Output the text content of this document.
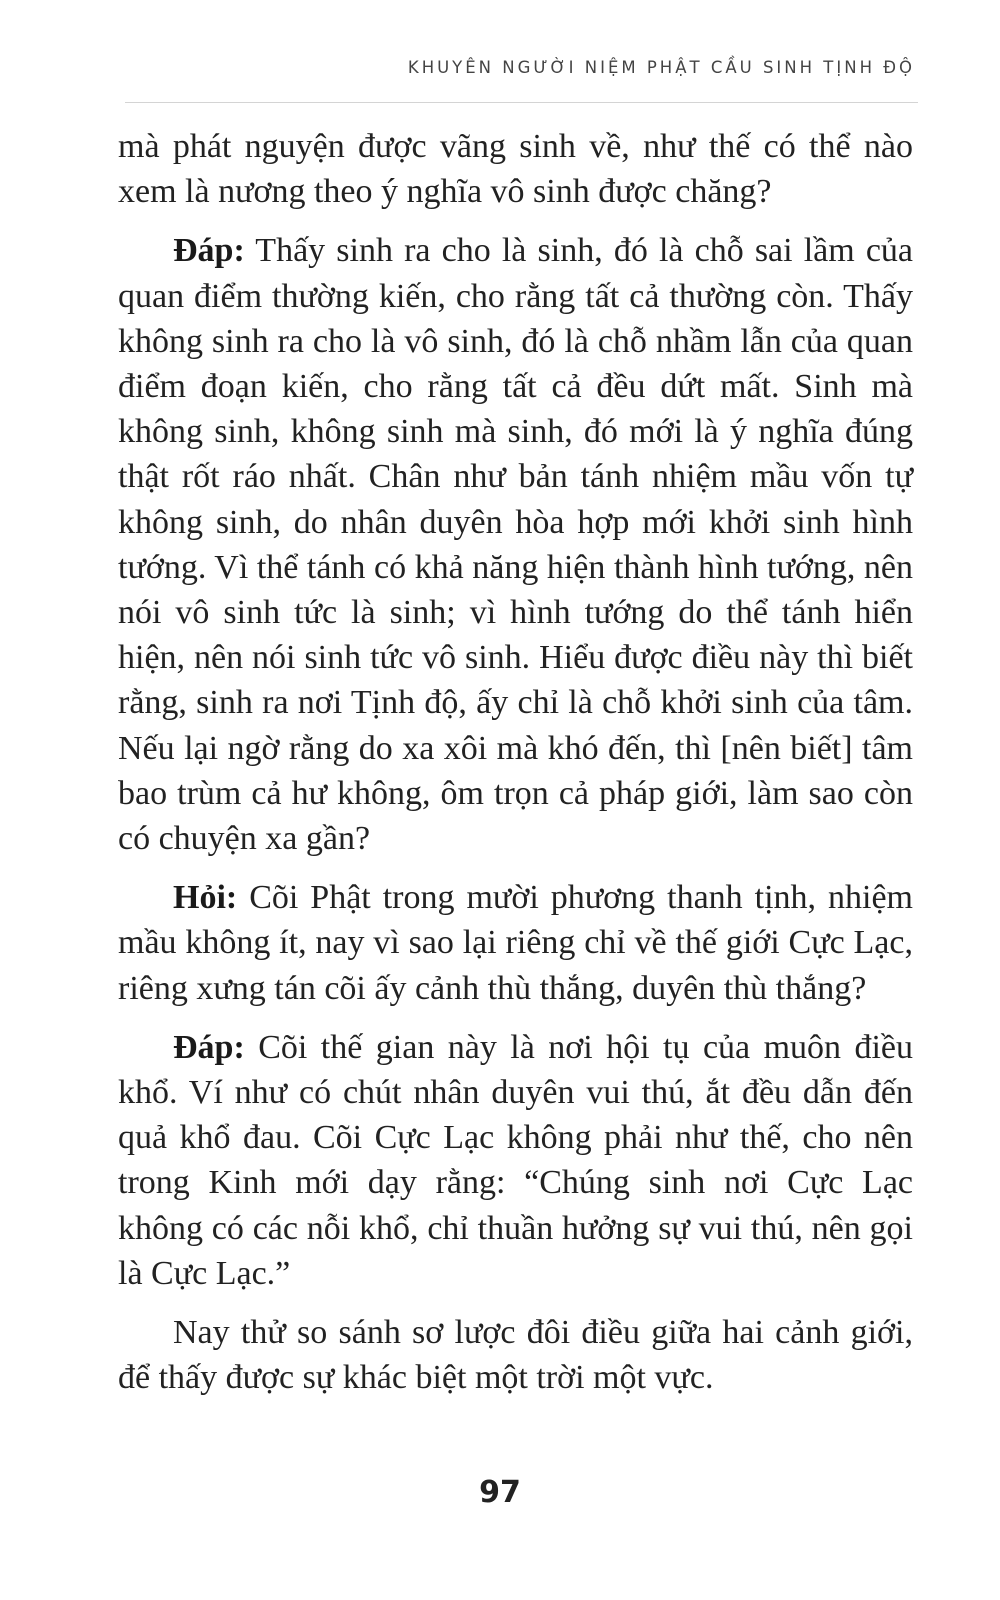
KHUYÊN NGƯỜI NIỆM PHẬT CẦU SINH TỊNH ĐỘ

mà phát nguyện được vãng sinh về, như thế có thể nào xem là nương theo ý nghĩa vô sinh được chăng?

Đáp: Thấy sinh ra cho là sinh, đó là chỗ sai lầm của quan điểm thường kiến, cho rằng tất cả thường còn. Thấy không sinh ra cho là vô sinh, đó là chỗ nhầm lẫn của quan điểm đoạn kiến, cho rằng tất cả đều dứt mất. Sinh mà không sinh, không sinh mà sinh, đó mới là ý nghĩa đúng thật rốt ráo nhất. Chân như bản tánh nhiệm mầu vốn tự không sinh, do nhân duyên hòa hợp mới khởi sinh hình tướng. Vì thể tánh có khả năng hiện thành hình tướng, nên nói vô sinh tức là sinh; vì hình tướng do thể tánh hiển hiện, nên nói sinh tức vô sinh. Hiểu được điều này thì biết rằng, sinh ra nơi Tịnh độ, ấy chỉ là chỗ khởi sinh của tâm. Nếu lại ngờ rằng do xa xôi mà khó đến, thì [nên biết] tâm bao trùm cả hư không, ôm trọn cả pháp giới, làm sao còn có chuyện xa gần?

Hỏi: Cõi Phật trong mười phương thanh tịnh, nhiệm mầu không ít, nay vì sao lại riêng chỉ về thế giới Cực Lạc, riêng xưng tán cõi ấy cảnh thù thắng, duyên thù thắng?

Đáp: Cõi thế gian này là nơi hội tụ của muôn điều khổ. Ví như có chút nhân duyên vui thú, ắt đều dẫn đến quả khổ đau. Cõi Cực Lạc không phải như thế, cho nên trong Kinh mới dạy rằng: “Chúng sinh nơi Cực Lạc không có các nỗi khổ, chỉ thuần hưởng sự vui thú, nên gọi là Cực Lạc.”

Nay thử so sánh sơ lược đôi điều giữa hai cảnh giới, để thấy được sự khác biệt một trời một vực.

97
